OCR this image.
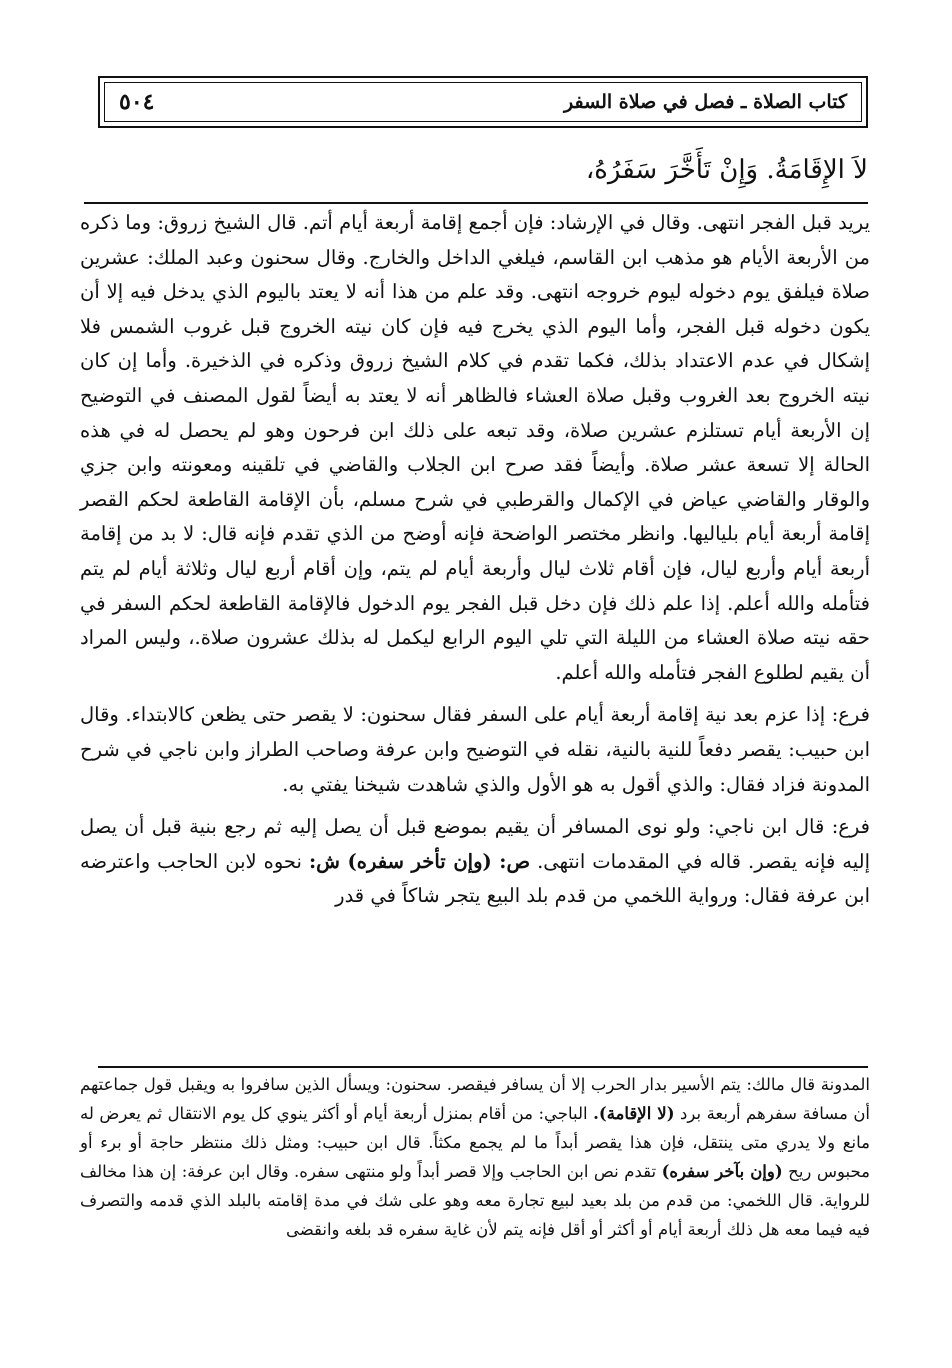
كتاب الصلاة ـ فصل في صلاة السفر
٥٠٤
لاَ الإِقَامَةُ. وَإِنْ تَأَخَّرَ سَفَرُهُ،

يريد قبل الفجر انتهى. وقال في الإرشاد: فإن أجمع إقامة أربعة أيام أتم. قال الشيخ زروق: وما ذكره من الأربعة الأيام هو مذهب ابن القاسم، فيلغي الداخل والخارج. وقال سحنون وعبد الملك: عشرين صلاة فيلفق يوم دخوله ليوم خروجه انتهى. وقد علم من هذا أنه لا يعتد باليوم الذي يدخل فيه إلا أن يكون دخوله قبل الفجر، وأما اليوم الذي يخرج فيه فإن كان نيته الخروج قبل غروب الشمس فلا إشكال في عدم الاعتداد بذلك، فكما تقدم في كلام الشيخ زروق وذكره في الذخيرة. وأما إن كان نيته الخروج بعد الغروب وقبل صلاة العشاء فالظاهر أنه لا يعتد به أيضاً لقول المصنف في التوضيح إن الأربعة أيام تستلزم عشرين صلاة، وقد تبعه على ذلك ابن فرحون وهو لم يحصل له في هذه الحالة إلا تسعة عشر صلاة. وأيضاً فقد صرح ابن الجلاب والقاضي في تلقينه ومعونته وابن جزي والوقار والقاضي عياض في الإكمال والقرطبي في شرح مسلم، بأن الإقامة القاطعة لحكم القصر إقامة أربعة أيام بلياليها. وانظر مختصر الواضحة فإنه أوضح من الذي تقدم فإنه قال: لا بد من إقامة أربعة أيام وأربع ليال، فإن أقام ثلاث ليال وأربعة أيام لم يتم، وإن أقام أربع ليال وثلاثة أيام لم يتم فتأمله والله أعلم. إذا علم ذلك فإن دخل قبل الفجر يوم الدخول فالإقامة القاطعة لحكم السفر في حقه نيته صلاة العشاء من الليلة التي تلي اليوم الرابع ليكمل له بذلك عشرون صلاة.، وليس المراد أن يقيم لطلوع الفجر فتأمله والله أعلم.

فرع: إذا عزم بعد نية إقامة أربعة أيام على السفر فقال سحنون: لا يقصر حتى يظعن كالابتداء. وقال ابن حبيب: يقصر دفعاً للنية بالنية، نقله في التوضيح وابن عرفة وصاحب الطراز وابن ناجي في شرح المدونة فزاد فقال: والذي أقول به هو الأول والذي شاهدت شيخنا يفتي به.

فرع: قال ابن ناجي: ولو نوى المسافر أن يقيم بموضع قبل أن يصل إليه ثم رجع بنية قبل أن يصل إليه فإنه يقصر. قاله في المقدمات انتهى. ص: (وإن تأخر سفره) ش: نحوه لابن الحاجب واعترضه ابن عرفة فقال: ورواية اللخمي من قدم بلد البيع يتجر شاكاً في قدر

المدونة قال مالك: يتم الأسير بدار الحرب إلا أن يسافر فيقصر. سحنون: ويسأل الذين سافروا به ويقبل قول جماعتهم أن مسافة سفرهم أربعة برد (لا الإقامة). الباجي: من أقام بمنزل أربعة أيام أو أكثر ينوي كل يوم الانتقال ثم يعرض له مانع ولا يدري متى ينتقل، فإن هذا يقصر أبداً ما لم يجمع مكثاً. قال ابن حبيب: ومثل ذلك منتظر حاجة أو برء أو محبوس ريح (وإن بآخر سفره) تقدم نص ابن الحاجب وإلا قصر أبداً ولو منتهى سفره. وقال ابن عرفة: إن هذا مخالف للرواية. قال اللخمي: من قدم من بلد بعيد لبيع تجارة معه وهو على شك في مدة إقامته بالبلد الذي قدمه والتصرف فيه فيما معه هل ذلك أربعة أيام أو أكثر أو أقل فإنه يتم لأن غاية سفره قد بلغه وانقضى
